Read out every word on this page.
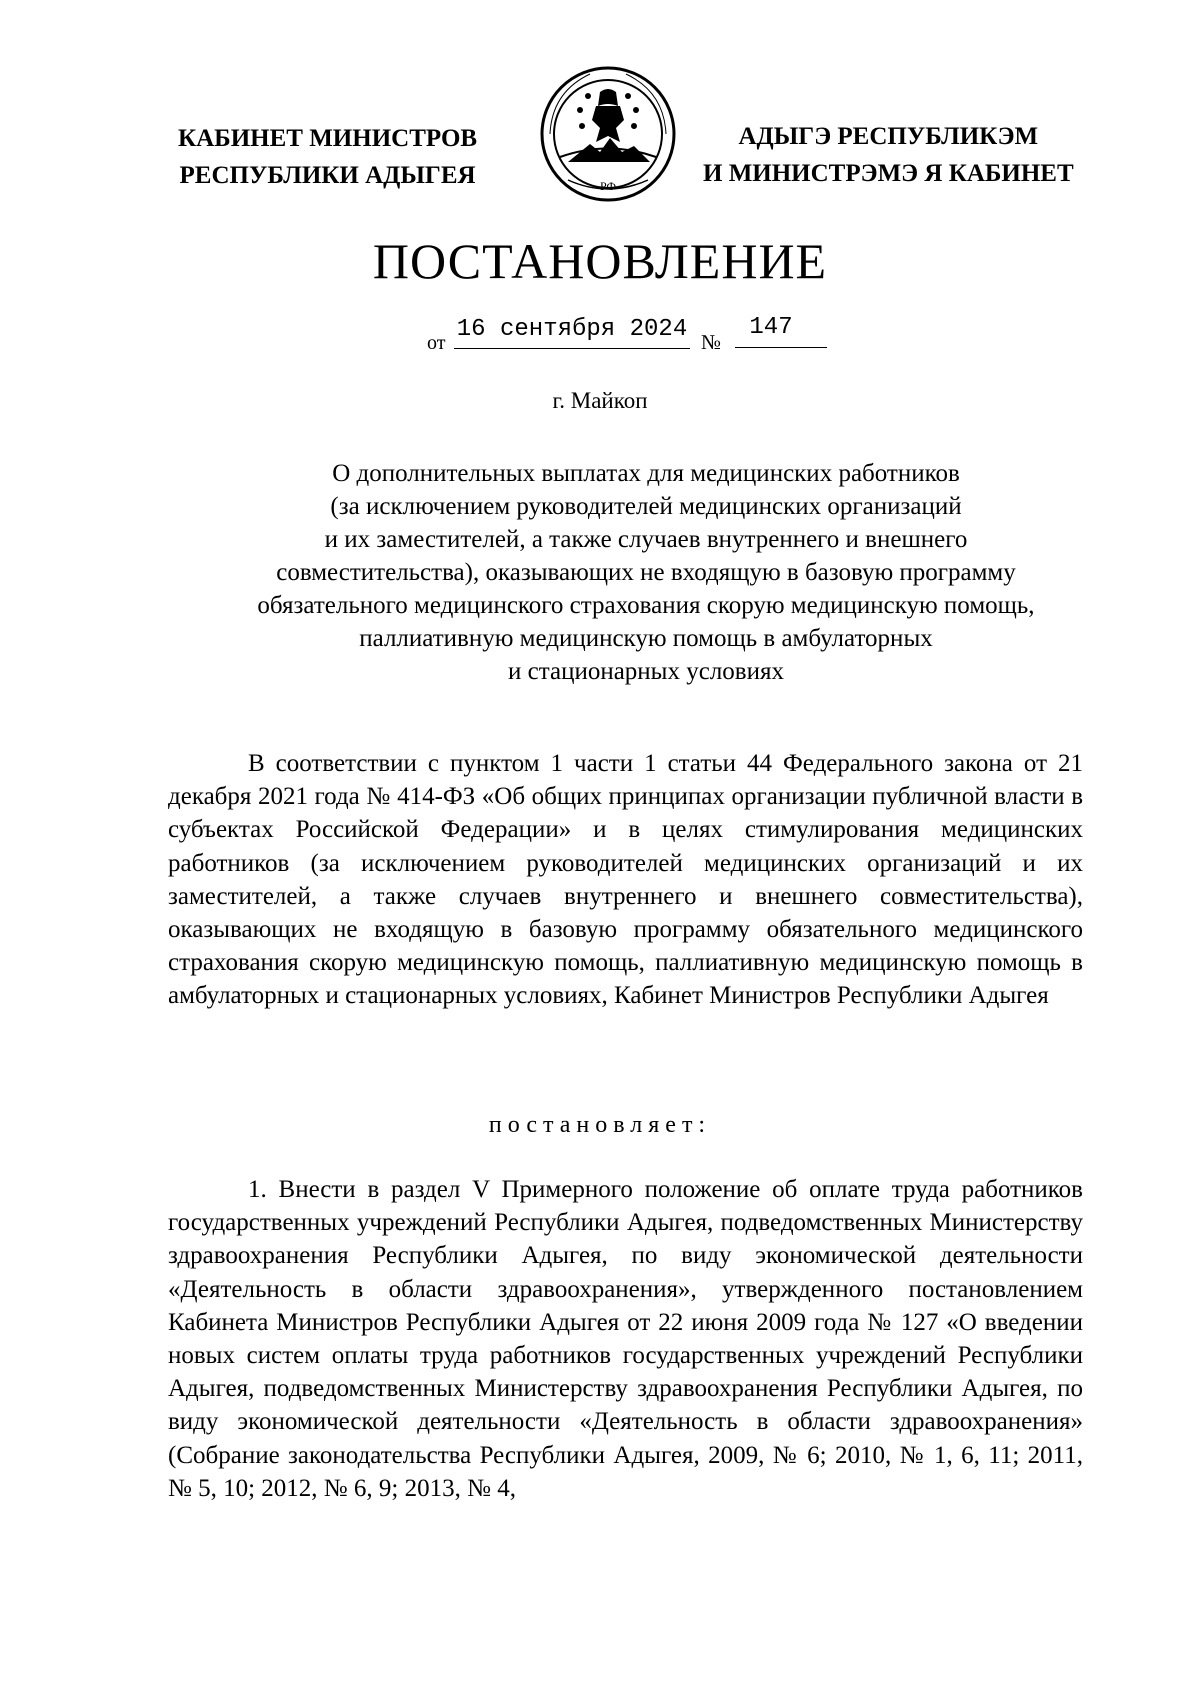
КАБИНЕТ МИНИСТРОВ
РЕСПУБЛИКИ АДЫГЕЯ	РФ
АДЫГЭ РЕСПУБЛИКЭМ
И МИНИСТРЭМЭ Я КАБИНЕТ
ПОСТАНОВЛЕНИЕ
от 16 сентября 2024 №
147
г. Майкоп
О дополнительных выплатах для медицинских работников
(за исключением руководителей медицинских организаций
и их заместителей, а также случаев внутреннего и внешнего
совместительства), оказывающих не входящую в базовую программу
обязательного медицинского страхования скорую медицинскую помощь,
паллиативную медицинскую помощь в амбулаторных
и стационарных условиях
В соответствии с пунктом 1 части 1 статьи 44 Федерального закона от 21 декабря 2021 года № 414-ФЗ «Об общих принципах организации публичной власти в субъектах Российской Федерации» и в целях стимулирования медицинских работников (за исключением руководителей медицинских организаций и их заместителей, а также случаев внутреннего и внешнего совместительства), оказывающих не входящую в базовую программу обязательного медицинского страхования скорую медицинскую помощь, паллиативную медицинскую помощь в амбулаторных и стационарных условиях, Кабинет Министров Республики Адыгея
постановляет:
1. Внести в раздел V Примерного положение об оплате труда работников государственных учреждений Республики Адыгея, подведомственных Министерству здравоохранения Республики Адыгея, по виду экономической деятельности «Деятельность в области здравоохранения», утвержденного постановлением Кабинета Министров Республики Адыгея от 22 июня 2009 года № 127 «О введении новых систем оплаты труда работников государственных учреждений Республики Адыгея, подведомственных Министерству здравоохранения Республики Адыгея, по виду экономической деятельности «Деятельность в области здравоохранения» (Собрание законодательства Республики Адыгея, 2009, № 6; 2010, № 1, 6, 11; 2011, № 5, 10; 2012, № 6, 9; 2013, № 4,
